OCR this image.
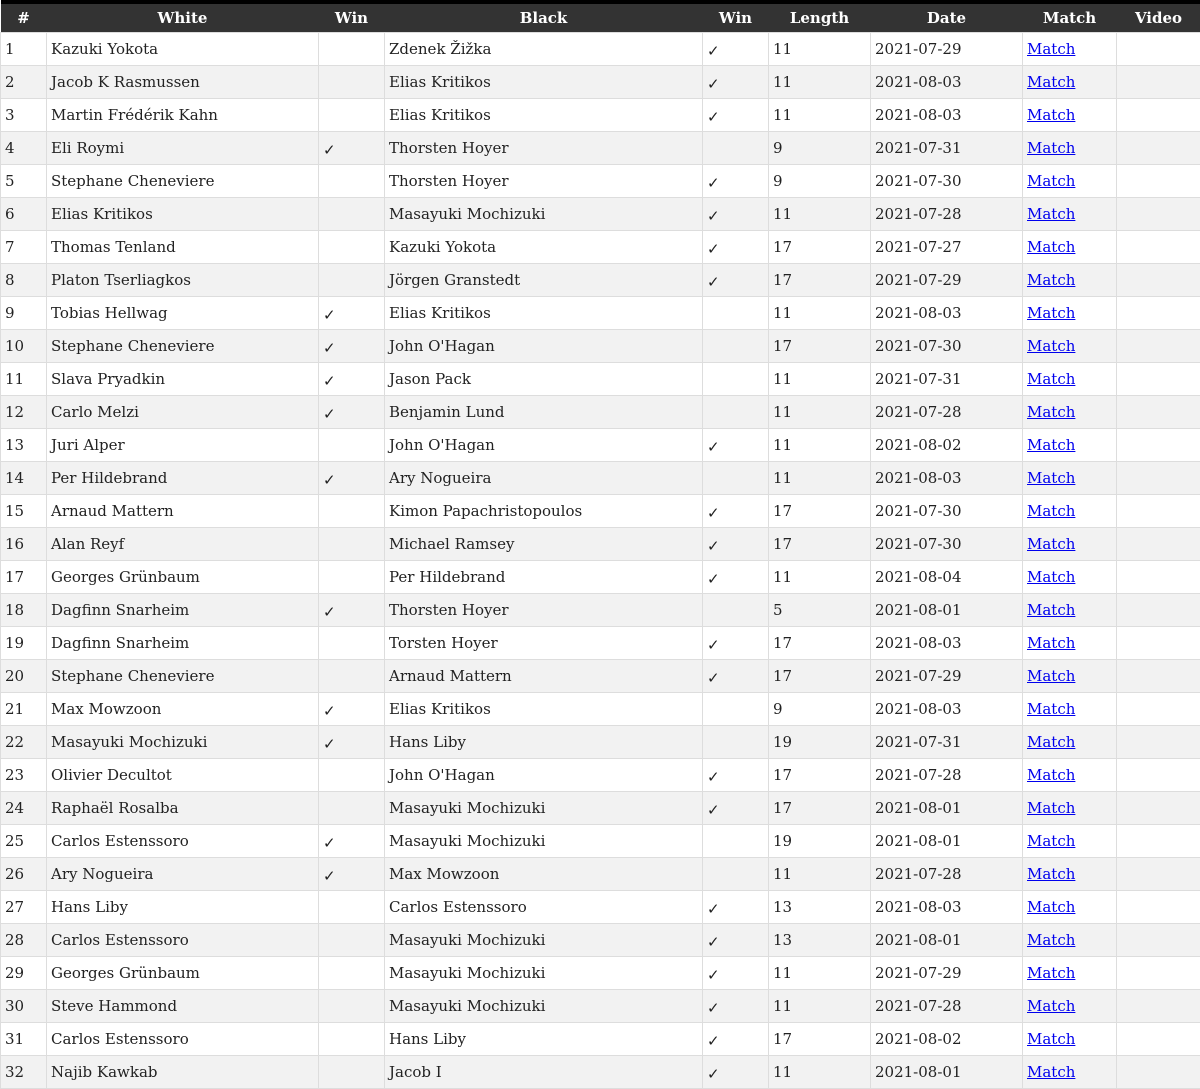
#	White	Win	Black	Win	Length	Date	Match	Video
1	Kazuki Yokota		Zdenek Žižka	✓	11	2021-07-29	Match	
2	Jacob K Rasmussen		Elias Kritikos	✓	11	2021-08-03	Match	
3	Martin Frédérik Kahn		Elias Kritikos	✓	11	2021-08-03	Match	
4	Eli Roymi	✓	Thorsten Hoyer		9	2021-07-31	Match	
5	Stephane Cheneviere		Thorsten Hoyer	✓	9	2021-07-30	Match	
6	Elias Kritikos		Masayuki Mochizuki	✓	11	2021-07-28	Match	
7	Thomas Tenland		Kazuki Yokota	✓	17	2021-07-27	Match	
8	Platon Tserliagkos		Jörgen Granstedt	✓	17	2021-07-29	Match	
9	Tobias Hellwag	✓	Elias Kritikos		11	2021-08-03	Match	
10	Stephane Cheneviere	✓	John O'Hagan		17	2021-07-30	Match	
11	Slava Pryadkin	✓	Jason Pack		11	2021-07-31	Match	
12	Carlo Melzi	✓	Benjamin Lund		11	2021-07-28	Match	
13	Juri Alper		John O'Hagan	✓	11	2021-08-02	Match	
14	Per Hildebrand	✓	Ary Nogueira		11	2021-08-03	Match	
15	Arnaud Mattern		Kimon Papachristopoulos	✓	17	2021-07-30	Match	
16	Alan Reyf		Michael Ramsey	✓	17	2021-07-30	Match	
17	Georges Grünbaum		Per Hildebrand	✓	11	2021-08-04	Match	
18	Dagfinn Snarheim	✓	Thorsten Hoyer		5	2021-08-01	Match	
19	Dagfinn Snarheim		Torsten Hoyer	✓	17	2021-08-03	Match	
20	Stephane Cheneviere		Arnaud Mattern	✓	17	2021-07-29	Match	
21	Max Mowzoon	✓	Elias Kritikos		9	2021-08-03	Match	
22	Masayuki Mochizuki	✓	Hans Liby		19	2021-07-31	Match	
23	Olivier Decultot		John O'Hagan	✓	17	2021-07-28	Match	
24	Raphaël Rosalba		Masayuki Mochizuki	✓	17	2021-08-01	Match	
25	Carlos Estenssoro	✓	Masayuki Mochizuki		19	2021-08-01	Match	
26	Ary Nogueira	✓	Max Mowzoon		11	2021-07-28	Match	
27	Hans Liby		Carlos Estenssoro	✓	13	2021-08-03	Match	
28	Carlos Estenssoro		Masayuki Mochizuki	✓	13	2021-08-01	Match	
29	Georges Grünbaum		Masayuki Mochizuki	✓	11	2021-07-29	Match	
30	Steve Hammond		Masayuki Mochizuki	✓	11	2021-07-28	Match	
31	Carlos Estenssoro		Hans Liby	✓	17	2021-08-02	Match	
32	Najib Kawkab		Jacob I	✓	11	2021-08-01	Match	
